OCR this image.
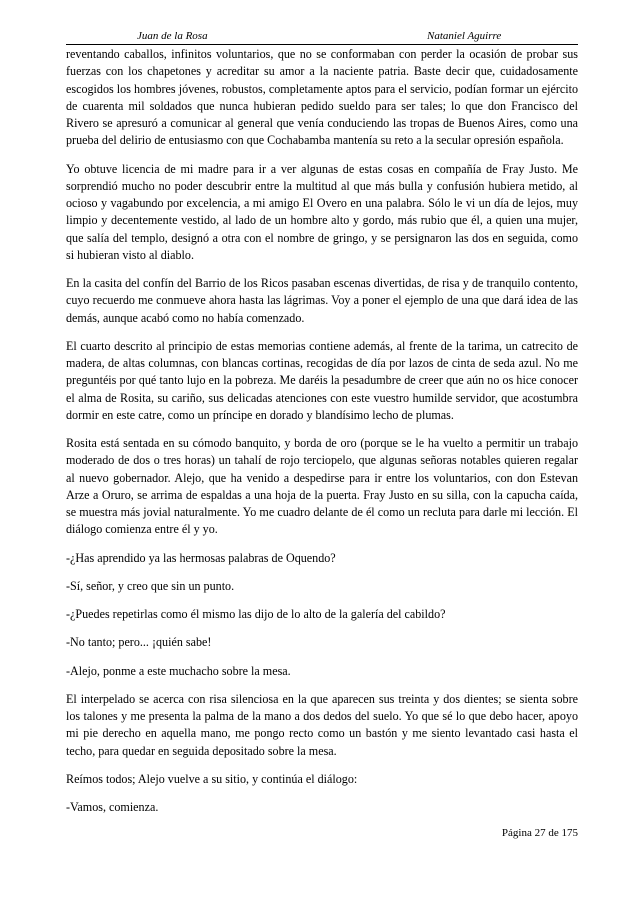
Juan de la Rosa	Nataniel Aguirre

reventando caballos, infinitos voluntarios, que no se conformaban con perder la ocasión de probar sus fuerzas con los chapetones y acreditar su amor a la naciente patria. Baste decir que, cuidadosamente escogidos los hombres jóvenes, robustos, completamente aptos para el servicio, podían formar un ejército de cuarenta mil soldados que nunca hubieran pedido sueldo para ser tales; lo que don Francisco del Rivero se apresuró a comunicar al general que venía conduciendo las tropas de Buenos Aires, como una prueba del delirio de entusiasmo con que Cochabamba mantenía su reto a la secular opresión española.

Yo obtuve licencia de mi madre para ir a ver algunas de estas cosas en compañía de Fray Justo. Me sorprendió mucho no poder descubrir entre la multitud al que más bulla y confusión hubiera metido, al ocioso y vagabundo por excelencia, a mi amigo El Overo en una palabra. Sólo le vi un día de lejos, muy limpio y decentemente vestido, al lado de un hombre alto y gordo, más rubio que él, a quien una mujer, que salía del templo, designó a otra con el nombre de gringo, y se persignaron las dos en seguida, como si hubieran visto al diablo.

En la casita del confín del Barrio de los Ricos pasaban escenas divertidas, de risa y de tranquilo contento, cuyo recuerdo me conmueve ahora hasta las lágrimas. Voy a poner el ejemplo de una que dará idea de las demás, aunque acabó como no había comenzado.

El cuarto descrito al principio de estas memorias contiene además, al frente de la tarima, un catrecito de madera, de altas columnas, con blancas cortinas, recogidas de día por lazos de cinta de seda azul. No me preguntéis por qué tanto lujo en la pobreza. Me daréis la pesadumbre de creer que aún no os hice conocer el alma de Rosita, su cariño, sus delicadas atenciones con este vuestro humilde servidor, que acostumbra dormir en este catre, como un príncipe en dorado y blandísimo lecho de plumas.

Rosita está sentada en su cómodo banquito, y borda de oro (porque se le ha vuelto a permitir un trabajo moderado de dos o tres horas) un tahalí de rojo terciopelo, que algunas señoras notables quieren regalar al nuevo gobernador. Alejo, que ha venido a despedirse para ir entre los voluntarios, con don Estevan Arze a Oruro, se arrima de espaldas a una hoja de la puerta. Fray Justo en su silla, con la capucha caída, se muestra más jovial naturalmente. Yo me cuadro delante de él como un recluta para darle mi lección. El diálogo comienza entre él y yo.

-¿Has aprendido ya las hermosas palabras de Oquendo?

-Sí, señor, y creo que sin un punto.

-¿Puedes repetirlas como él mismo las dijo de lo alto de la galería del cabildo?

-No tanto; pero... ¡quién sabe!

-Alejo, ponme a este muchacho sobre la mesa.

El interpelado se acerca con risa silenciosa en la que aparecen sus treinta y dos dientes; se sienta sobre los talones y me presenta la palma de la mano a dos dedos del suelo. Yo que sé lo que debo hacer, apoyo mi pie derecho en aquella mano, me pongo recto como un bastón y me siento levantado casi hasta el techo, para quedar en seguida depositado sobre la mesa.

Reímos todos; Alejo vuelve a su sitio, y continúa el diálogo:

-Vamos, comienza.

Página 27 de 175
